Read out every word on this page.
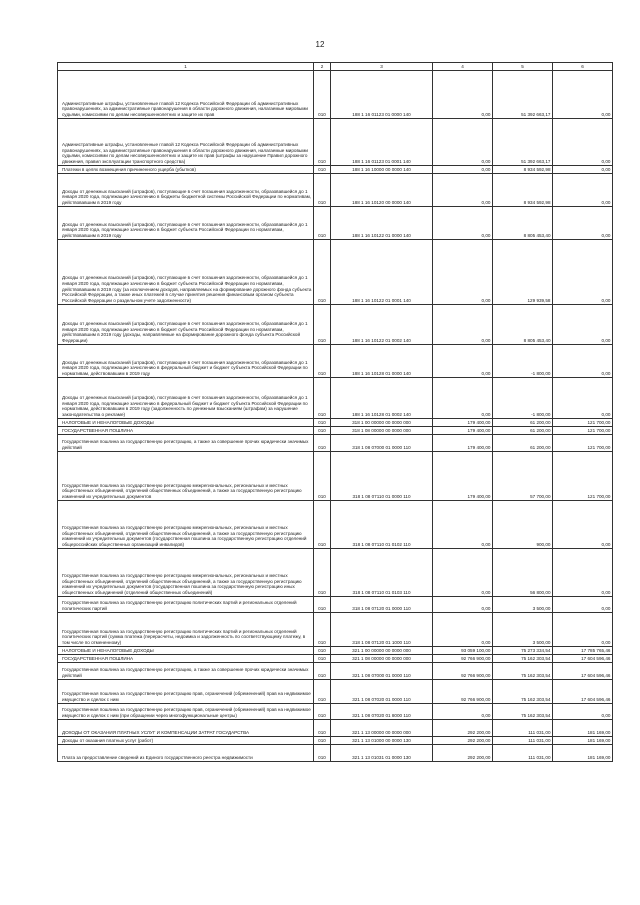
12
1	2	3	4	5	6
Административные штрафы, установленные главой 12 Кодекса Российской Федерации об административных правонарушениях, за административные правонарушения в области дорожного движения, налагаемые мировыми судьями, комиссиями по делам несовершеннолетних и защите их прав	010	188 1 16 01123 01 0000 140	0,00	51 392 663,17	0,00
Административные штрафы, установленные главой 12 Кодекса Российской Федерации об административных правонарушениях, за административные правонарушения в области дорожного движения, налагаемые мировыми судьями, комиссиями по делам несовершеннолетних и защите их прав (штрафы за нарушение Правил дорожного движения, правил эксплуатации транспортного средства)	010	188 1 16 01123 01 0001 140	0,00	51 392 663,17	0,00
Платежи в целях возмещения причиненного ущерба (убытков)	010	188 1 16 10000 00 0000 140	0,00	8 934 592,98	0,00
Доходы от денежных взысканий (штрафов), поступающие в счет погашения задолженности, образовавшейся до 1 января 2020 года, подлежащие зачислению в бюджеты бюджетной системы Российской Федерации по нормативам, действовавшим в 2019 году	010	188 1 16 10120 00 0000 140	0,00	8 934 592,98	0,00
Доходы от денежных взысканий (штрафов), поступающие в счет погашения задолженности, образовавшейся до 1 января 2020 года, подлежащие зачислению в бюджет субъекта Российской Федерации по нормативам, действовавшим в 2019 году	010	188 1 16 10122 01 0000 140	0,00	8 805 453,40	0,00
Доходы от денежных взысканий (штрафов), поступающие в счет погашения задолженности, образовавшейся до 1 января 2020 года, подлежащие зачислению в бюджет субъекта Российской Федерации по нормативам, действовавшим в 2019 году (за исключением доходов, направляемых на формирование дорожного фонда субъекта Российской Федерации, а также иных платежей в случае принятия решения финансовым органом субъекта Российской Федерации о раздельном учете задолженности)	010	188 1 16 10122 01 0001 140	0,00	129 939,58	0,00
Доходы от денежных взысканий (штрафов), поступающие в счет погашения задолженности, образовавшейся до 1 января 2020 года, подлежащие зачислению в бюджет субъекта Российской Федерации по нормативам, действовавшим в 2019 году (доходы, направляемые на формирование дорожного фонда субъекта Российской Федерации)	010	188 1 16 10122 01 0002 140	0,00	8 805 453,40	0,00
Доходы от денежных взысканий (штрафов), поступающие в счет погашения задолженности, образовавшейся до 1 января 2020 года, подлежащие зачислению в федеральный бюджет и бюджет субъекта Российской Федерации по нормативам, действовавшим в 2019 году	010	188 1 16 10128 01 0000 140	0,00	-1 800,00	0,00
Доходы от денежных взысканий (штрафов), поступающие в счет погашения задолженности, образовавшейся до 1 января 2020 года, подлежащие зачислению в федеральный бюджет и бюджет субъекта Российской Федерации по нормативам, действовавшим в 2019 году (задолженность по денежным взысканиям (штрафам) за нарушение законодательства о рекламе)	010	188 1 16 10128 01 0002 140	0,00	-1 800,00	0,00
НАЛОГОВЫЕ И НЕНАЛОГОВЫЕ ДОХОДЫ	010	318 1 00 00000 00 0000 000	179 400,00	61 200,00	121 700,00
ГОСУДАРСТВЕННАЯ ПОШЛИНА	010	318 1 08 00000 00 0000 000	179 400,00	61 200,00	121 700,00
Государственная пошлина за государственную регистрацию, а также за совершение прочих юридически значимых действий	010	318 1 08 07000 01 0000 110	179 400,00	61 200,00	121 700,00
Государственная пошлина за государственную регистрацию межрегиональных, региональных и местных общественных объединений, отделений общественных объединений, а также за государственную регистрацию изменений их учредительных документов	010	318 1 08 07110 01 0000 110	179 400,00	57 700,00	121 700,00
Государственная пошлина за государственную регистрацию межрегиональных, региональных и местных общественных объединений, отделений общественных объединений, а также за государственную регистрацию изменений их учредительных документов (государственная пошлина за государственную регистрацию отделений общероссийских общественных организаций инвалидов)	010	318 1 08 07110 01 0102 110	0,00	900,00	0,00
Государственная пошлина за государственную регистрацию межрегиональных, региональных и местных общественных объединений, отделений общественных объединений, а также за государственную регистрацию изменений их учредительных документов (государственная пошлина за государственную регистрацию иных общественных объединений (отделений общественных объединений)	010	318 1 08 07110 01 0103 110	0,00	56 800,00	0,00
Государственная пошлина за государственную регистрацию политических партий и региональных отделений политических партий	010	318 1 08 07120 01 0000 110	0,00	3 500,00	0,00
Государственная пошлина за государственную регистрацию политических партий и региональных отделений политических партий (сумма платежа (перерасчеты, недоимка и задолженность по соответствующему платежу, в том числе по отмененному)	010	318 1 08 07120 01 1000 110	0,00	3 500,00	0,00
НАЛОГОВЫЕ И НЕНАЛОГОВЫЕ ДОХОДЫ	010	321 1 00 00000 00 0000 000	93 059 100,00	75 273 334,54	17 785 765,46
ГОСУДАРСТВЕННАЯ ПОШЛИНА	010	321 1 08 00000 00 0000 000	92 766 900,00	75 162 303,54	17 604 596,46
Государственная пошлина за государственную регистрацию, а также за совершение прочих юридически значимых действий	010	321 1 08 07000 01 0000 110	92 766 900,00	75 162 303,54	17 604 596,46
Государственная пошлина за государственную регистрацию прав, ограничений (обременений) прав на недвижимое имущество и сделок с ним	010	321 1 08 07020 01 0000 110	92 766 900,00	75 162 303,54	17 604 596,46
Государственная пошлина за государственную регистрацию прав, ограничений (обременений) прав на недвижимое имущество и сделок с ним (при обращении через многофункциональные центры)	010	321 1 08 07020 01 8000 110	0,00	75 162 303,54	0,00
ДОХОДЫ ОТ ОКАЗАНИЯ ПЛАТНЫХ УСЛУГ И КОМПЕНСАЦИИ ЗАТРАТ ГОСУДАРСТВА	010	321 1 13 00000 00 0000 000	292 200,00	111 031,00	181 169,00
Доходы от оказания платных услуг (работ)	010	321 1 13 01000 00 0000 130	292 200,00	111 031,00	181 169,00
Плата за предоставление сведений из Единого государственного реестра недвижимости	010	321 1 13 01031 01 0000 130	292 200,00	111 031,00	181 169,00
